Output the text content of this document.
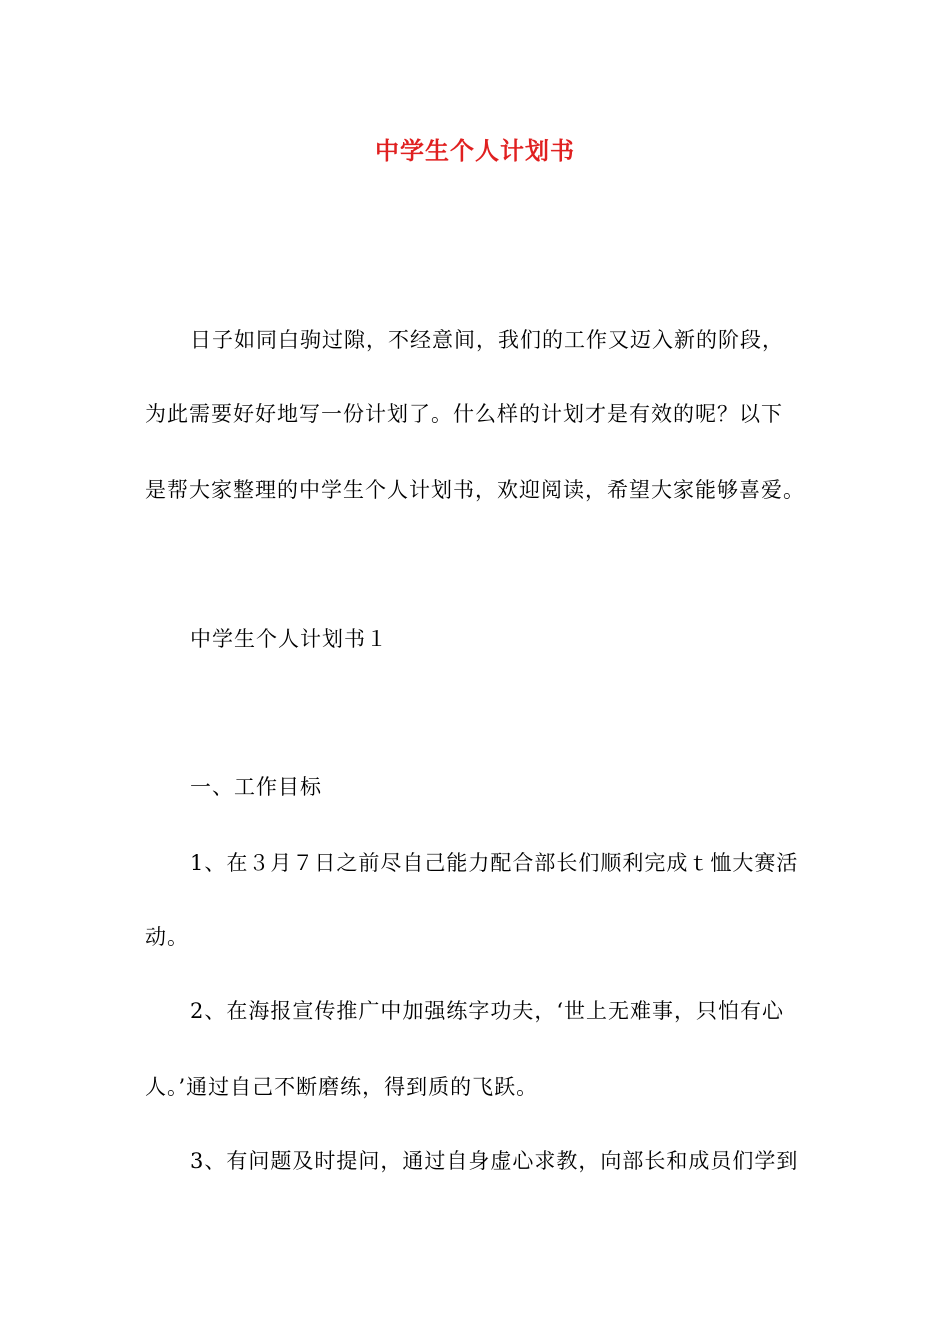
中学生个人计划书
日子如同白驹过隙，不经意间，我们的工作又迈入新的阶段，
为此需要好好地写一份计划了。什么样的计划才是有效的呢？以下
是帮大家整理的中学生个人计划书，欢迎阅读，希望大家能够喜爱。
中学生个人计划书１
一、工作目标
1、在３月７日之前尽自己能力配合部长们顺利完成ｔ恤大赛活
动。
2、在海报宣传推广中加强练字功夫，‘世上无难事，只怕有心
人。’通过自己不断磨练，得到质的飞跃。
3、有问题及时提问，通过自身虚心求教，向部长和成员们学到
